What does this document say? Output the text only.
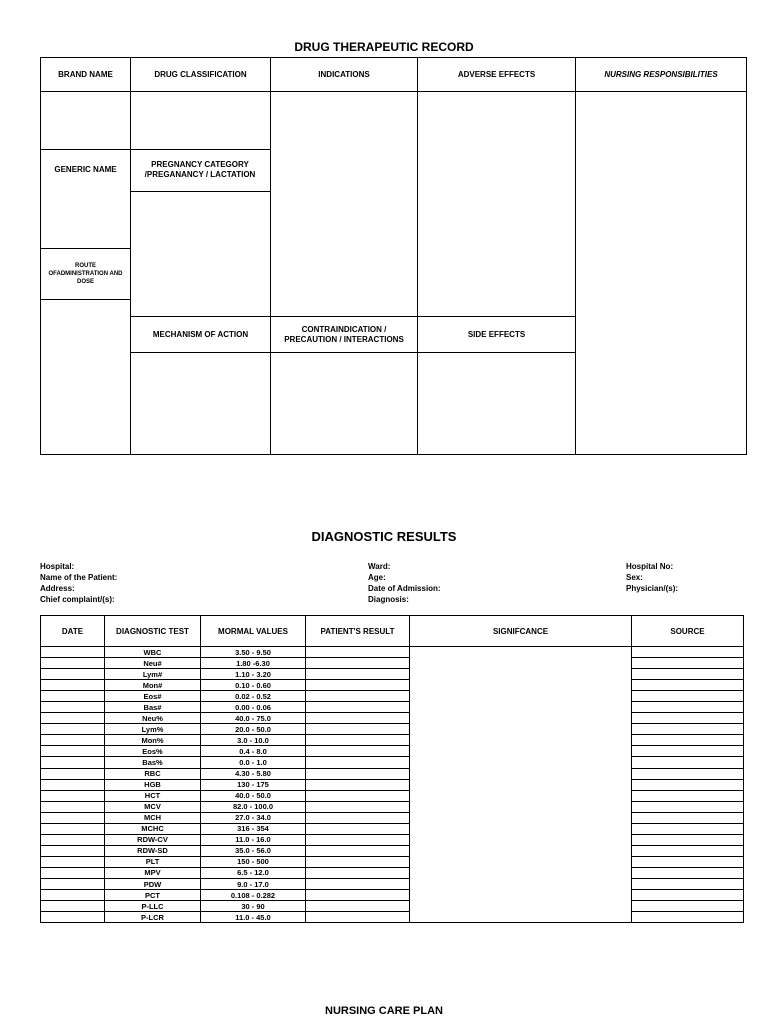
DRUG THERAPEUTIC RECORD
BRAND NAME	DRUG CLASSIFICATION	INDICATIONS	ADVERSE EFFECTS	NURSING RESPONSIBILITIES
GENERIC NAME
PREGNANCY CATEGORY /PREGANANCY / LACTATION
ROUTE OFADMINISTRATION AND DOSE
MECHANISM OF ACTION
CONTRAINDICATION / PRECAUTION / INTERACTIONS
SIDE EFFECTS
DIAGNOSTIC RESULTS
Hospital:
Name of the Patient:
Address:
Chief complaint/(s):
Ward:
Age:
Date of Admission:
Diagnosis:
Hospital No:
Sex:
Physician/(s):
DATE	DIAGNOSTIC TEST	MORMAL VALUES	PATIENT'S RESULT	SIGNIFCANCE	SOURCE
	WBC	3.50 - 9.50			
	Neu#	1.80 -6.30			
	Lym#	1.10 - 3.20			
	Mon#	0.10 - 0.60			
	Eos#	0.02 - 0.52			
	Bas#	0.00 - 0.06			
	Neu%	40.0 - 75.0			
	Lym%	20.0 - 50.0			
	Mon%	3.0 - 10.0			
	Eos%	0.4 - 8.0			
	Bas%	0.0 - 1.0			
	RBC	4.30 - 5.80			
	HGB	130 - 175			
	HCT	40.0 - 50.0			
	MCV	82.0 - 100.0			
	MCH	27.0 - 34.0			
	MCHC	316 - 354			
	RDW-CV	11.0 - 16.0			
	RDW-SD	35.0 - 56.0			
	PLT	150 - 500			
	MPV	6.5 - 12.0			
	PDW	9.0 - 17.0			
	PCT	0.108 - 0.282			
	P-LLC	30 - 90			
	P-LCR	11.0 - 45.0			
NURSING CARE PLAN
